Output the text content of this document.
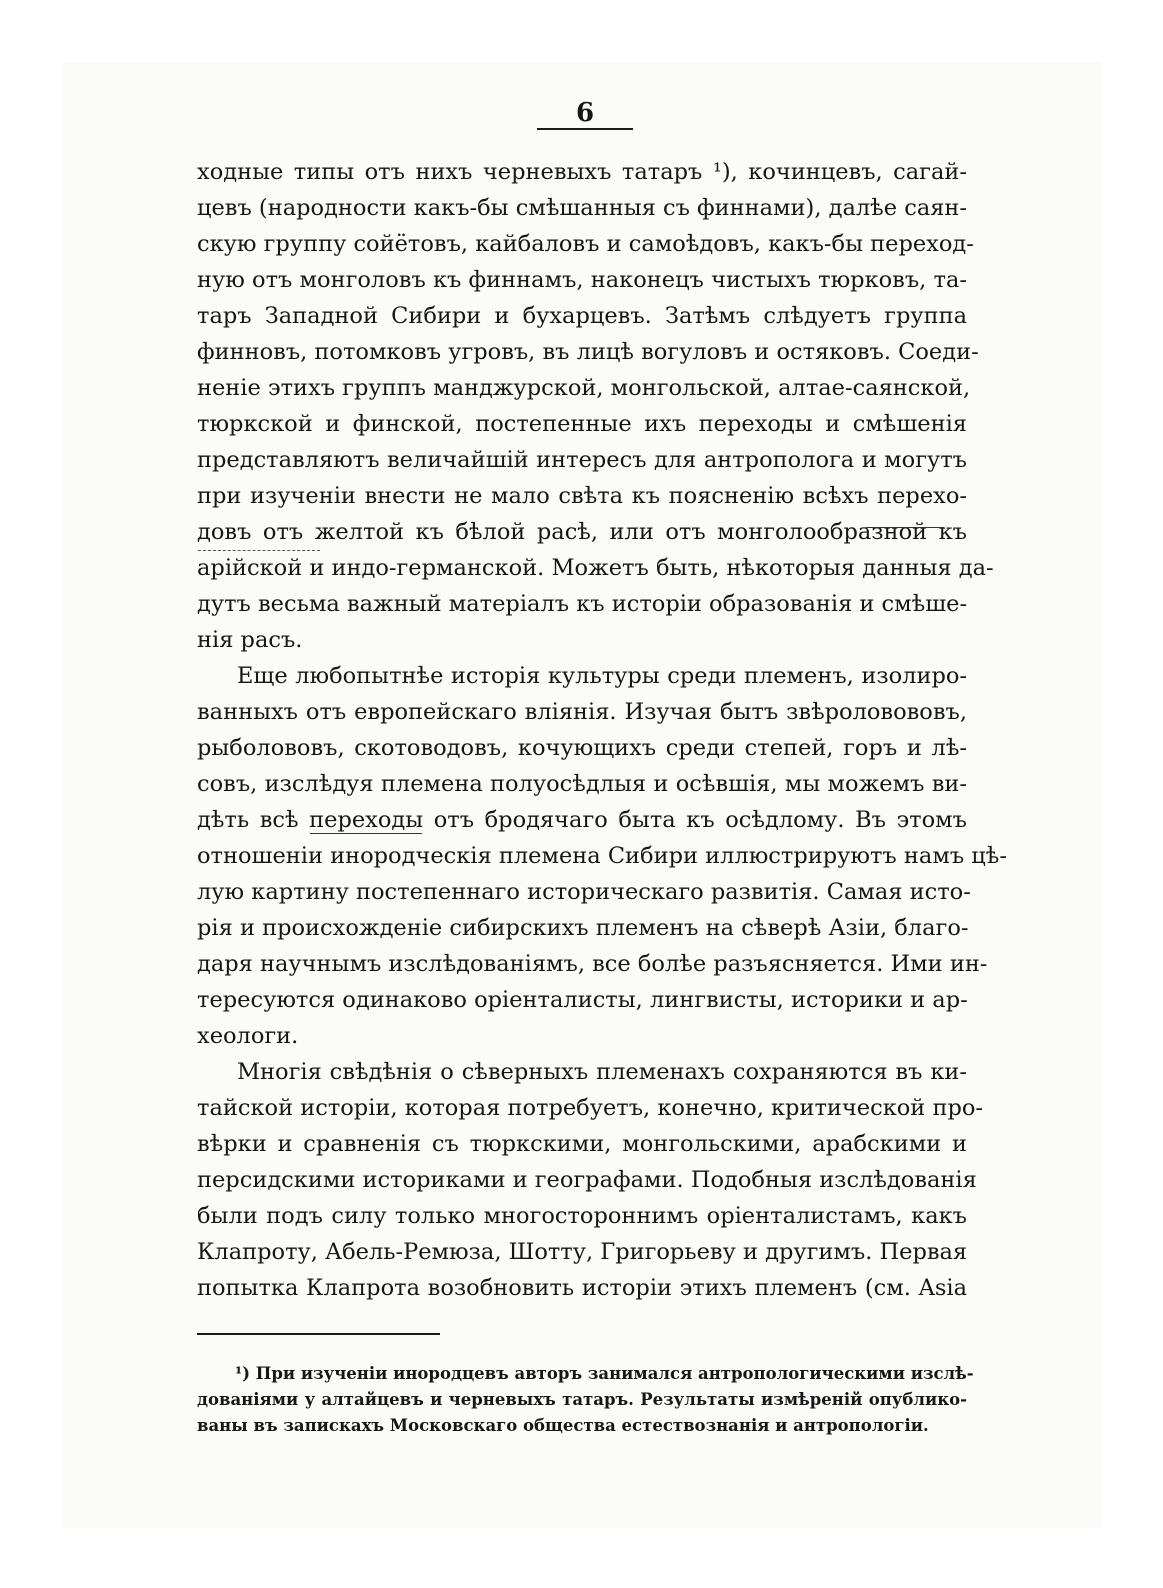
6
ходные типы отъ нихъ черневыхъ татаръ ¹), кочинцевъ, сагай-
цевъ (народности какъ-бы смѣшанныя съ финнами), далѣе саян-
скую группу сойётовъ, кайбаловъ и самоѣдовъ, какъ-бы переход-
ную отъ монголовъ къ финнамъ, наконецъ чистыхъ тюрковъ, та-
таръ Западной Сибири и бухарцевъ. Затѣмъ слѣдуетъ группа
финновъ, потомковъ угровъ, въ лицѣ вогуловъ и остяковъ. Соеди-
неніе этихъ группъ манджурской, монгольской, алтае-саянской,
тюркской и финской, постепенные ихъ переходы и смѣшенія
представляютъ величайшій интересъ для антрополога и могутъ
при изученіи внести не мало свѣта къ поясненію всѣхъ перехо-
довъ отъ желтой къ бѣлой расѣ, или отъ монголообразной къ
арійской и индо-германской. Можетъ быть, нѣкоторыя данныя да-
дутъ весьма важный матеріалъ къ исторіи образованія и смѣше-
нія расъ.
Еще любопытнѣе исторія культуры среди племенъ, изолиро-
ванныхъ отъ европейскаго вліянія. Изучая бытъ звѣроловововъ,
рыболововъ, скотоводовъ, кочующихъ среди степей, горъ и лѣ-
совъ, изслѣдуя племена полуосѣдлыя и осѣвшія, мы можемъ ви-
дѣть всѣ переходы отъ бродячаго быта къ осѣдлому. Въ этомъ
отношеніи инородческія племена Сибири иллюстрируютъ намъ цѣ-
лую картину постепеннаго историческаго развитія. Самая исто-
рія и происхожденіе сибирскихъ племенъ на сѣверѣ Азіи, благо-
даря научнымъ изслѣдованіямъ, все болѣе разъясняется. Ими ин-
тересуются одинаково оріенталисты, лингвисты, историки и ар-
хеологи.
Многія свѣдѣнія о сѣверныхъ племенахъ сохраняются въ ки-
тайской исторіи, которая потребуетъ, конечно, критической про-
вѣрки и сравненія съ тюркскими, монгольскими, арабскими и
персидскими историками и географами. Подобныя изслѣдованія
были подъ силу только многостороннимъ оріенталистамъ, какъ
Клапроту, Абель-Ремюза, Шотту, Григорьеву и другимъ. Первая
попытка Клапрота возобновить исторіи этихъ племенъ (см. Asia
¹) При изученіи инородцевъ авторъ занимался антропологическими изслѣ-
дованіями у алтайцевъ и черневыхъ татаръ. Результаты измѣреній опублико-
ваны въ запискахъ Московскаго общества естествознанія и антропологіи.
